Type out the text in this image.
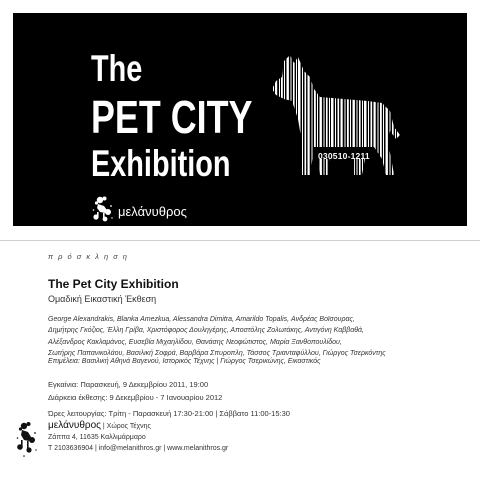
The
PET CITY
Exhibition	030510-1211
μελάνυθρος
π ρ ό σ κ λ η σ η
The Pet City Exhibition
Ομαδική Εικαστική Έκθεση
George Alexandrakis, Blanka Amezkua, Alessandra Dimitra, Amarildo Topalis, Ανδρέας Βοϊσουρας,
Δημήτρης Γκόζιος, Έλλη Γρίβα, Χριστόφορος Δουληγέρης, Αποστόλης Ζολωτάκης, Αντιγόνη Καββαθά,
Αλέξανδρος Κακλαμάνος, Ευσεβία Μιχαηλίδου, Θανάσης Νεοφώτιστος, Μαρία Ξανθοπουλίδου,
Σωτήρης Παπανικολάου, Βασιλική Σοφρά, Βαρβάρα Σπυροπλη, Τάσσος Τριανταφύλλου, Γιώργος Τσερκόντης
Επιμέλεια: Βασιλική Αθηνά Βαγενού, Ιστορικός Τέχνης | Γιώργος Τσερικώνης, Εικαστικός
Εγκαίνια: Παρασκευή, 9 Δεκεμβρίου 2011, 19:00
Διάρκεια έκθεσης: 9 Δεκεμβρίου - 7 Ιανουαρίου 2012
Ώρες λειτουργίας: Τρίτη - Παρασκευή 17:30-21:00 | Σάββατο 11:00-15:30
μελάνυθρος | Χώρος Τέχνης
Ζάππα 4, 11635 Καλλιμάρμαρο
T 2103636904 | info@melanithros.gr | www.melanithros.gr
